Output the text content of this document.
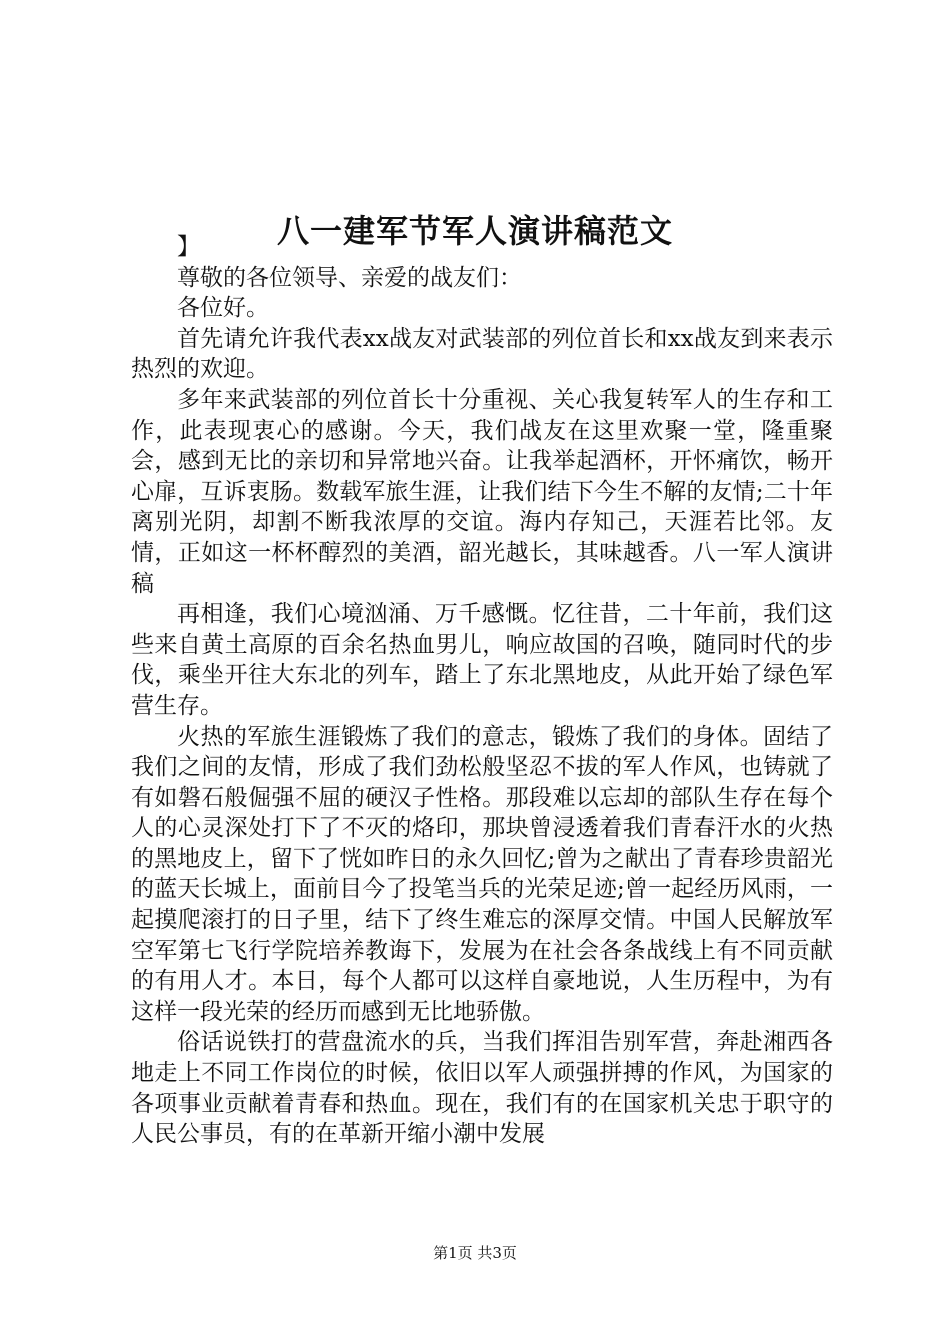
八一建军节军人演讲稿范文

】

尊敬的各位领导、亲爱的战友们：

各位好。

首先请允许我代表xx战友对武装部的列位首长和xx战友到来表示热烈的欢迎。

多年来武装部的列位首长十分重视、关心我复转军人的生存和工作，此表现衷心的感谢。今天，我们战友在这里欢聚一堂，隆重聚会，感到无比的亲切和异常地兴奋。让我举起酒杯，开怀痛饮，畅开心扉，互诉衷肠。数载军旅生涯，让我们结下今生不解的友情;二十年离别光阴，却割不断我浓厚的交谊。海内存知己，天涯若比邻。友情，正如这一杯杯醇烈的美酒，韶光越长，其味越香。八一军人演讲稿

再相逢，我们心境汹涌、万千感慨。忆往昔，二十年前，我们这些来自黄土高原的百余名热血男儿，响应故国的召唤，随同时代的步伐，乘坐开往大东北的列车，踏上了东北黑地皮，从此开始了绿色军营生存。

火热的军旅生涯锻炼了我们的意志，锻炼了我们的身体。固结了我们之间的友情，形成了我们劲松般坚忍不拔的军人作风，也铸就了有如磐石般倔强不屈的硬汉子性格。那段难以忘却的部队生存在每个人的心灵深处打下了不灭的烙印，那块曾浸透着我们青春汗水的火热的黑地皮上，留下了恍如昨日的永久回忆;曾为之献出了青春珍贵韶光的蓝天长城上，面前目今了投笔当兵的光荣足迹;曾一起经历风雨，一起摸爬滚打的日子里，结下了终生难忘的深厚交情。中国人民解放军空军第七飞行学院培养教诲下，发展为在社会各条战线上有不同贡献的有用人才。本日，每个人都可以这样自豪地说，人生历程中，为有这样一段光荣的经历而感到无比地骄傲。

俗话说铁打的营盘流水的兵，当我们挥泪告别军营，奔赴湘西各地走上不同工作岗位的时候，依旧以军人顽强拼搏的作风，为国家的各项事业贡献着青春和热血。现在，我们有的在国家机关忠于职守的人民公事员，有的在革新开缩小潮中发展

第1页 共3页
